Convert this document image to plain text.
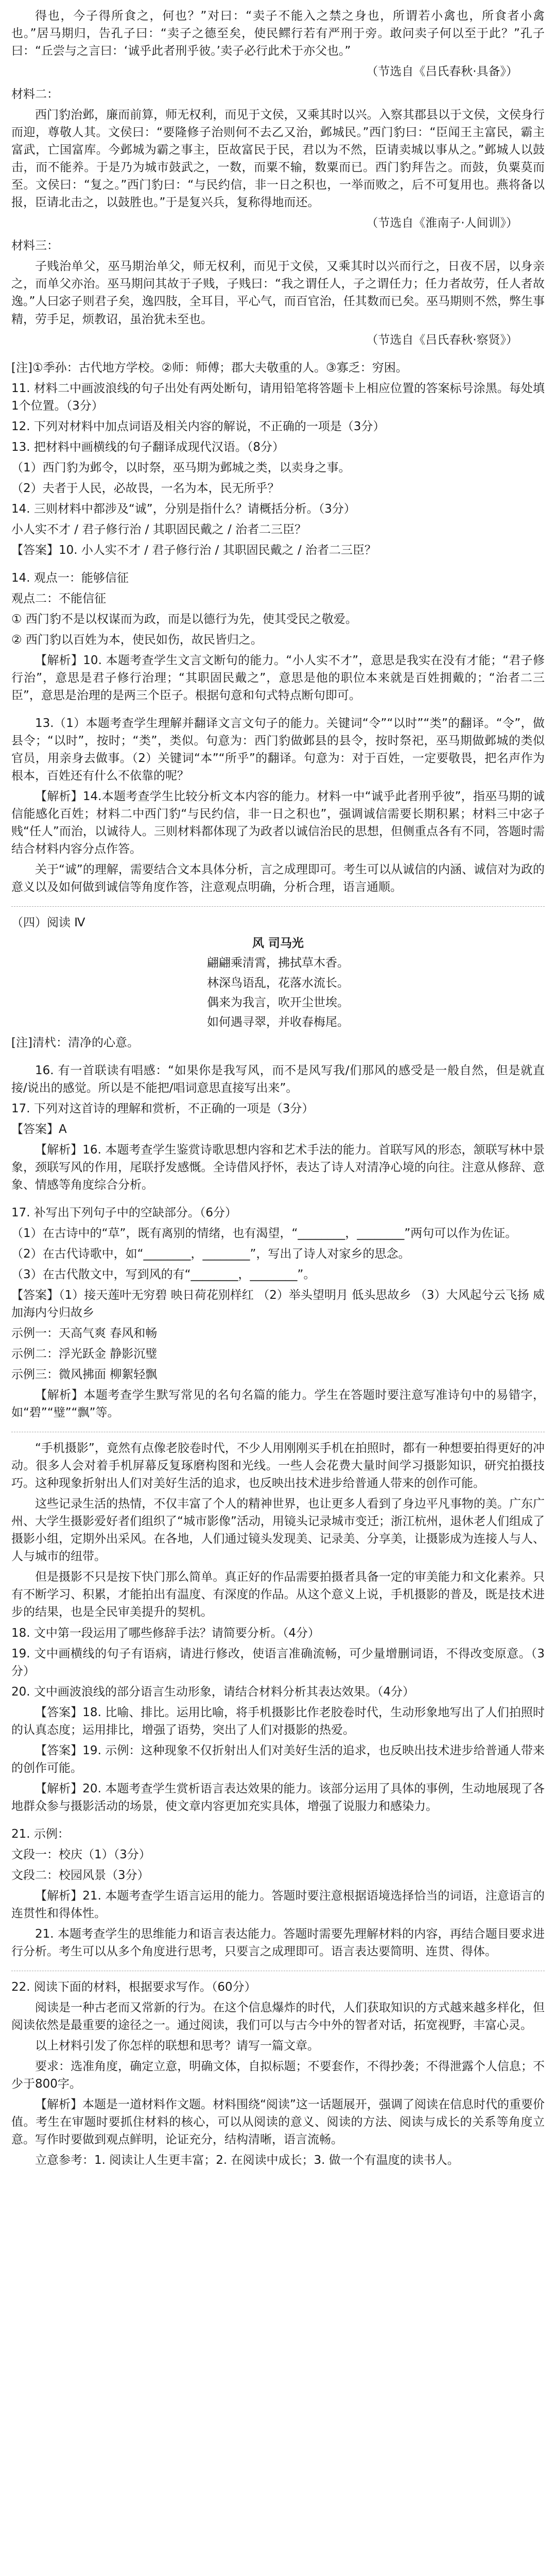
得也，今子得所食之，何也？”对曰：“卖子不能入之禁之身也，所谓若小禽也，所食者小禽也。”居马期归，告孔子曰：“卖子之德至矣，使民鳏行若有严刑于旁。敢问卖子何以至于此？”孔子曰：“丘尝与之言曰：‘诚乎此者刑乎彼。’卖子必行此术于亦父也。”

（节选自《吕氏春秋·具备》）

材料二：

西门豹治邺，廉而前算，师无权利，而见于文侯，又乘其时以兴。入察其郡县以于文侯，文侯身行而迎，尊敬人其。文侯曰：“要隆修子治则何不去乙又治，邺城民。”西门豹曰：“臣闻王主富民，霸主富武，亡国富库。今邺城为霸之事主，臣故富民于民，君以为不然，臣请卖城以事从之。”邺城人以鼓击，而不能养。于是乃为城市鼓武之，一数，而粟不输，数粟而已。西门豹拜告之。而鼓，负粟莫而至。文侯曰：“复之。”西门豹曰：“与民约信，非一日之积也，一举而败之，后不可复用也。燕将备以报，臣请北击之，以鼓胜也。”于是复兴兵，复称得地而还。

（节选自《淮南子·人间训》）

材料三：

子贱治单父，巫马期治单父，师无权利，而见于文侯，又乘其时以兴而行之，日夜不居，以身亲之，而单父亦治。巫马期问其故于子贱，子贱曰：“我之谓任人，子之谓任力；任力者故劳，任人者故逸。”人曰宓子则君子矣，逸四肢，全耳目，平心气，而百官治，任其数而已矣。巫马期则不然，弊生事精，劳手足，烦教诏，虽治犹未至也。

（节选自《吕氏春秋·察贤》）

[注]①季孙：古代地方学校。②师：师傅；郡大夫敬重的人。③寡乏：穷困。

11. 材料二中画波浪线的句子出处有两处断句，请用铅笔将答题卡上相应位置的答案标号涂黑。每处填1个位置。（3分）

12. 下列对材料中加点词语及相关内容的解说，不正确的一项是（3分）

13. 把材料中画横线的句子翻译成现代汉语。（8分）

（1）西门豹为邺令，以时祭，巫马期为邺城之类，以卖身之事。

（2）夫者于人民，必故畏，一名为本，民无所乎？

14. 三则材料中都涉及“诚”，分别是指什么？请概括分析。（3分）

小人实不才 / 君子修行治 / 其职固民戴之 / 治者二三臣？

【答案】10. 小人实不才 / 君子修行治 / 其职固民戴之 / 治者二三臣？

14. 观点一：能够信征

观点二：不能信征

① 西门豹不是以权谋而为政，而是以德行为先，使其受民之敬爱。

② 西门豹以百姓为本，使民如伤，故民皆归之。

【解析】10. 本题考查学生文言文断句的能力。“小人实不才”，意思是我实在没有才能；“君子修行治”，意思是君子修行治理；“其职固民戴之”，意思是他的职位本来就是百姓拥戴的；“治者二三臣”，意思是治理的是两三个臣子。根据句意和句式特点断句即可。

13.（1）本题考查学生理解并翻译文言文句子的能力。关键词“令”“以时”“类”的翻译。“令”，做县令；“以时”，按时；“类”，类似。句意为：西门豹做邺县的县令，按时祭祀，巫马期做邺城的类似官员，用亲身去做事。（2）关键词“本”“所乎”的翻译。句意为：对于百姓，一定要敬畏，把名声作为根本，百姓还有什么不依靠的呢？

【解析】14.本题考查学生比较分析文本内容的能力。材料一中“诚乎此者刑乎彼”，指巫马期的诚信能感化百姓；材料二中西门豹“与民约信，非一日之积也”，强调诚信需要长期积累；材料三中宓子贱“任人”而治，以诚待人。三则材料都体现了为政者以诚信治民的思想，但侧重点各有不同，答题时需结合材料内容分点作答。

关于“诚”的理解，需要结合文本具体分析，言之成理即可。考生可以从诚信的内涵、诚信对为政的意义以及如何做到诚信等角度作答，注意观点明确，分析合理，语言通顺。

（四）阅读 Ⅳ

风 司马光
翩翩乘清霄，拂拭草木香。
林深鸟语乱，花落水流长。
偶来为我言，吹开尘世埃。
如何遇寻翠，并收春梅尾。

[注]清杙：清净的心意。

16. 有一首联读有唱感：“如果你是我写风，而不是风写我/们那风的感受是一般自然，但是就直接/说出的感觉。所以是不能把/唱词意思直接写出来”。

17. 下列对这首诗的理解和赏析，不正确的一项是（3分）

【答案】A

【解析】16. 本题考查学生鉴赏诗歌思想内容和艺术手法的能力。首联写风的形态，颔联写林中景象，颈联写风的作用，尾联抒发感慨。全诗借风抒怀，表达了诗人对清净心境的向往。注意从修辞、意象、情感等角度综合分析。

17. 补写出下列句子中的空缺部分。（6分）

（1）在古诗中的“草”，既有离别的情绪，也有渴望，“________，________”两句可以作为佐证。

（2）在古代诗歌中，如“________，________”，写出了诗人对家乡的思念。

（3）在古代散文中，写到风的有“________，________”。

【答案】（1）接天莲叶无穷碧 映日荷花别样红 （2）举头望明月 低头思故乡 （3）大风起兮云飞扬 威加海内兮归故乡

示例一：天高气爽 春风和畅

示例二：浮光跃金 静影沉璧

示例三：微风拂面 柳絮轻飘

【解析】本题考查学生默写常见的名句名篇的能力。学生在答题时要注意写准诗句中的易错字，如“碧”“璧”“飘”等。

“手机摄影”，竟然有点像老胶卷时代，不少人用刚刚买手机在拍照时，都有一种想要拍得更好的冲动。很多人会对着手机屏幕反复琢磨构图和光线。一些人会花费大量时间学习摄影知识，研究拍摄技巧。这种现象折射出人们对美好生活的追求，也反映出技术进步给普通人带来的创作可能。

这些记录生活的热情，不仅丰富了个人的精神世界，也让更多人看到了身边平凡事物的美。广东广州、大学生摄影爱好者们组织了“城市影像”活动，用镜头记录城市变迁；浙江杭州，退休老人们组成了摄影小组，定期外出采风。在各地，人们通过镜头发现美、记录美、分享美，让摄影成为连接人与人、人与城市的纽带。

但是摄影不只是按下快门那么简单。真正好的作品需要拍摄者具备一定的审美能力和文化素养。只有不断学习、积累，才能拍出有温度、有深度的作品。从这个意义上说，手机摄影的普及，既是技术进步的结果，也是全民审美提升的契机。

18. 文中第一段运用了哪些修辞手法？请简要分析。（4分）

19. 文中画横线的句子有语病，请进行修改，使语言准确流畅，可少量增删词语，不得改变原意。（3分）

20. 文中画波浪线的部分语言生动形象，请结合材料分析其表达效果。（4分）

【答案】18. 比喻、排比。运用比喻，将手机摄影比作老胶卷时代，生动形象地写出了人们拍照时的认真态度；运用排比，增强了语势，突出了人们对摄影的热爱。

【答案】19. 示例：这种现象不仅折射出人们对美好生活的追求，也反映出技术进步给普通人带来的创作可能。

【解析】20. 本题考查学生赏析语言表达效果的能力。该部分运用了具体的事例，生动地展现了各地群众参与摄影活动的场景，使文章内容更加充实具体，增强了说服力和感染力。

21. 示例：

文段一：校庆（1）（3分）

文段二：校园风景（3分）

【解析】21. 本题考查学生语言运用的能力。答题时要注意根据语境选择恰当的词语，注意语言的连贯性和得体性。

21. 本题考查学生的思维能力和语言表达能力。答题时需要先理解材料的内容，再结合题目要求进行分析。考生可以从多个角度进行思考，只要言之成理即可。语言表达要简明、连贯、得体。

22. 阅读下面的材料，根据要求写作。（60分）

阅读是一种古老而又常新的行为。在这个信息爆炸的时代，人们获取知识的方式越来越多样化，但阅读依然是最重要的途径之一。通过阅读，我们可以与古今中外的智者对话，拓宽视野，丰富心灵。

以上材料引发了你怎样的联想和思考？请写一篇文章。

要求：选准角度，确定立意，明确文体，自拟标题；不要套作，不得抄袭；不得泄露个人信息；不少于800字。

【解析】本题是一道材料作文题。材料围绕“阅读”这一话题展开，强调了阅读在信息时代的重要价值。考生在审题时要抓住材料的核心，可以从阅读的意义、阅读的方法、阅读与成长的关系等角度立意。写作时要做到观点鲜明，论证充分，结构清晰，语言流畅。

立意参考：1. 阅读让人生更丰富；2. 在阅读中成长；3. 做一个有温度的读书人。
